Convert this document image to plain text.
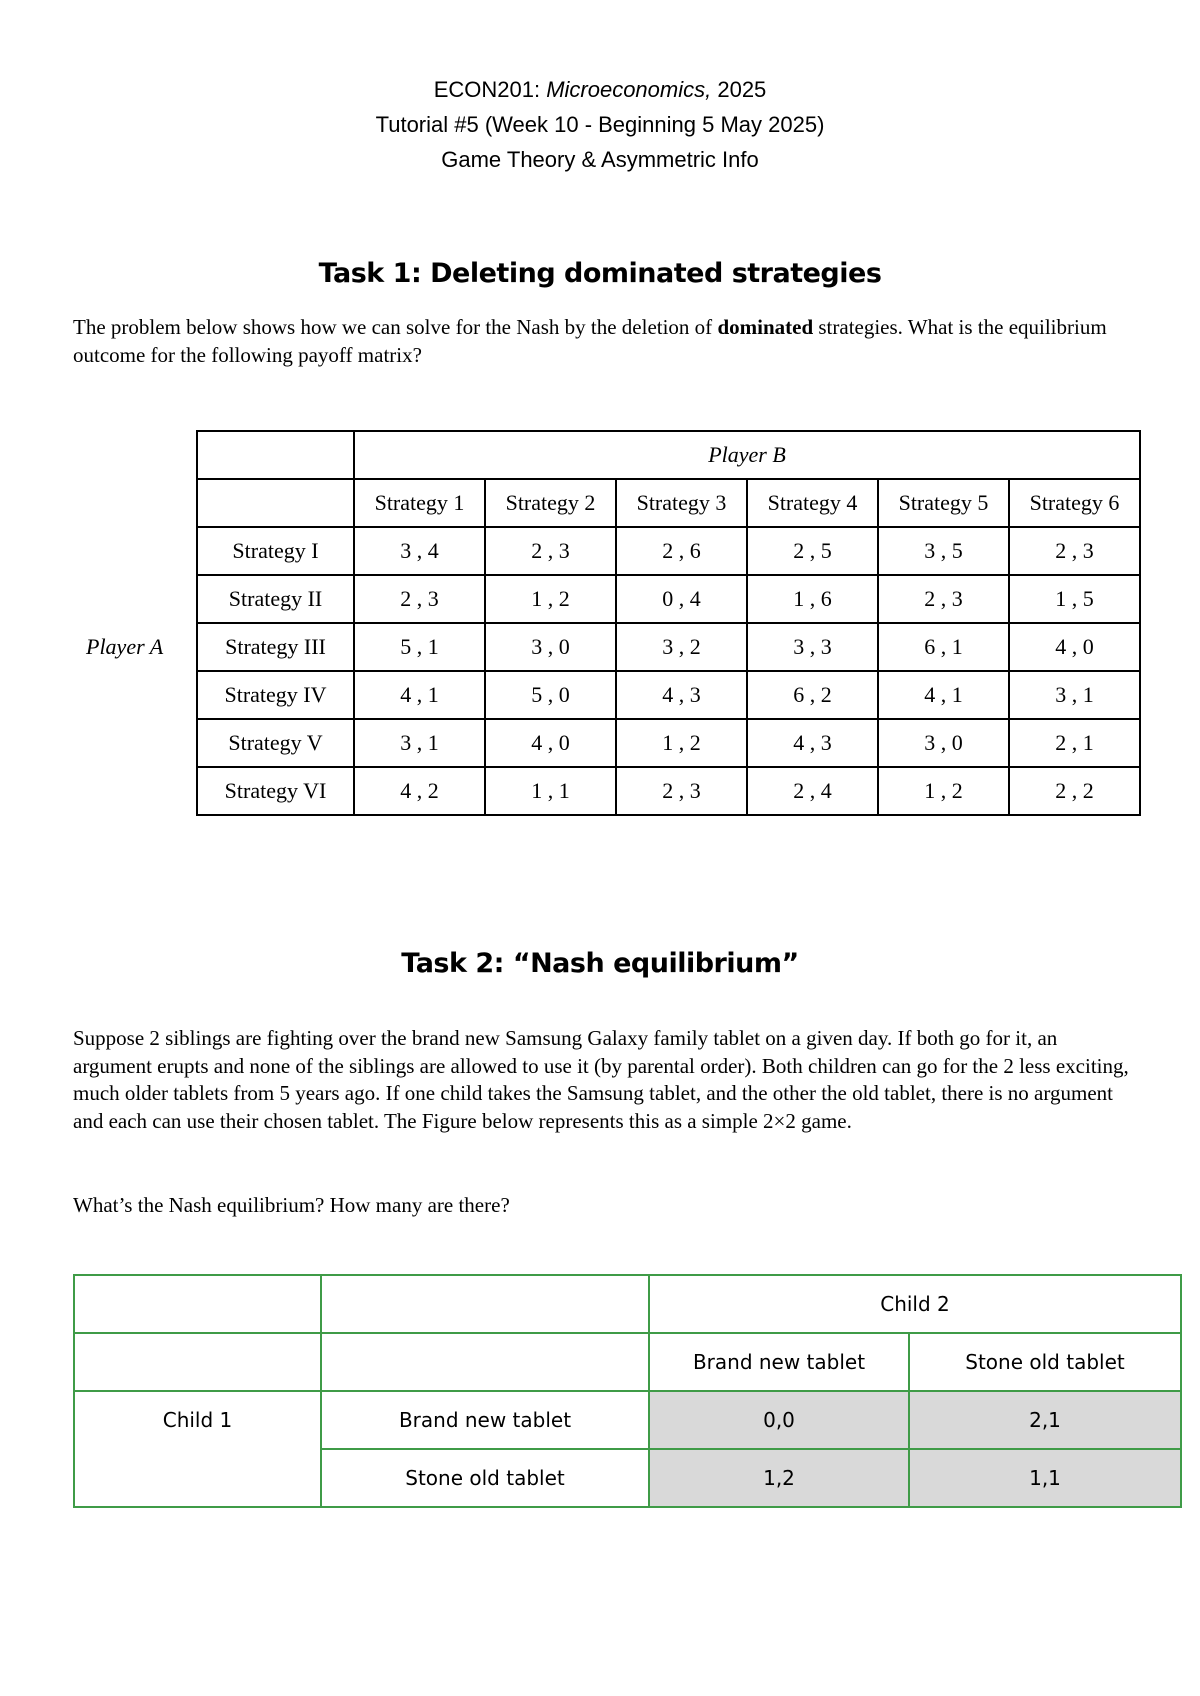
ECON201: Microeconomics, 2025
Tutorial #5 (Week 10 - Beginning 5 May 2025)
Game Theory & Asymmetric Info
Task 1: Deleting dominated strategies

The problem below shows how we can solve for the Nash by the deletion of dominated strategies. What is the equilibrium outcome for the following payoff matrix?

Player A
	Player B					
	Strategy 1	Strategy 2	Strategy 3	Strategy 4	Strategy 5	Strategy 6
Strategy I	3 , 4	2 , 3	2 , 6	2 , 5	3 , 5	2 , 3
Strategy II	2 , 3	1 , 2	0 , 4	1 , 6	2 , 3	1 , 5
Strategy III	5 , 1	3 , 0	3 , 2	3 , 3	6 , 1	4 , 0
Strategy IV	4 , 1	5 , 0	4 , 3	6 , 2	4 , 1	3 , 1
Strategy V	3 , 1	4 , 0	1 , 2	4 , 3	3 , 0	2 , 1
Strategy VI	4 , 2	1 , 1	2 , 3	2 , 4	1 , 2	2 , 2
Task 2: “Nash equilibrium”

Suppose 2 siblings are fighting over the brand new Samsung Galaxy family tablet on a given day. If both go for it, an argument erupts and none of the siblings are allowed to use it (by parental order). Both children can go for the 2 less exciting, much older tablets from 5 years ago. If one child takes the Samsung tablet, and the other the old tablet, there is no argument and each can use their chosen tablet. The Figure below represents this as a simple 2×2 game.

What’s the Nash equilibrium? How many are there?

		Child 2	
		Brand new tablet	Stone old tablet
Child 1	Brand new tablet	0,0	2,1
	Stone old tablet	1,2	1,1
